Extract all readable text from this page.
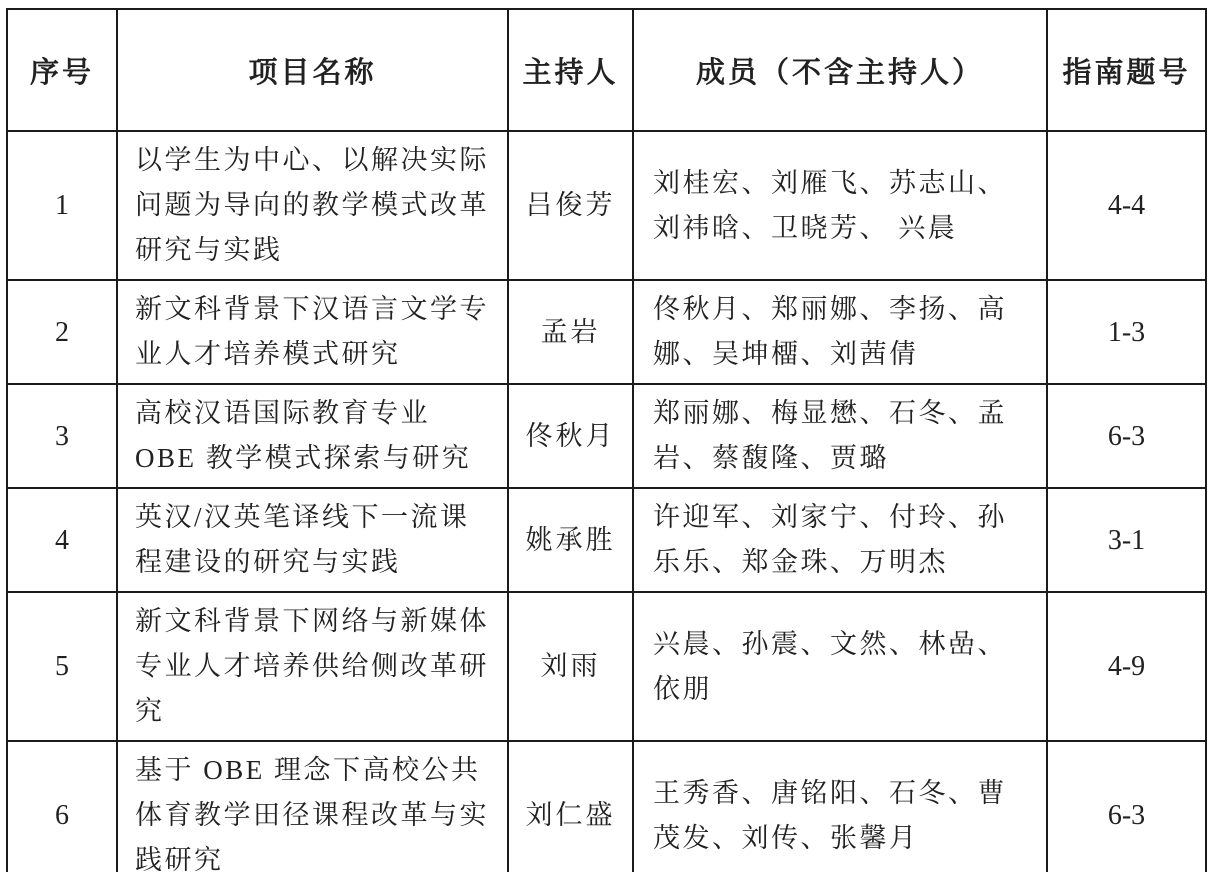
序号	项目名称	主持人	成员（不含主持人）	指南题号
1	以学生为中心、以解决实际问题为导向的教学模式改革研究与实践	吕俊芳	刘桂宏、刘雁飞、苏志山、刘祎晗、卫晓芳、 兴晨	4-4
2	新文科背景下汉语言文学专业人才培养模式研究	孟岩	佟秋月、郑丽娜、李扬、高娜、吴坤橊、刘茜倩	1-3
3	高校汉语国际教育专业 OBE 教学模式探索与研究	佟秋月	郑丽娜、梅显懋、石冬、孟岩、蔡馥隆、贾璐	6-3
4	英汉/汉英笔译线下一流课程建设的研究与实践	姚承胜	许迎军、刘家宁、付玲、孙乐乐、郑金珠、万明杰	3-1
5	新文科背景下网络与新媒体专业人才培养供给侧改革研究	刘雨	兴晨、孙震、文然、林嵒、依朋	4-9
6	基于 OBE 理念下高校公共体育教学田径课程改革与实践研究	刘仁盛	王秀香、唐铭阳、石冬、曹茂发、刘传、张馨月	6-3
